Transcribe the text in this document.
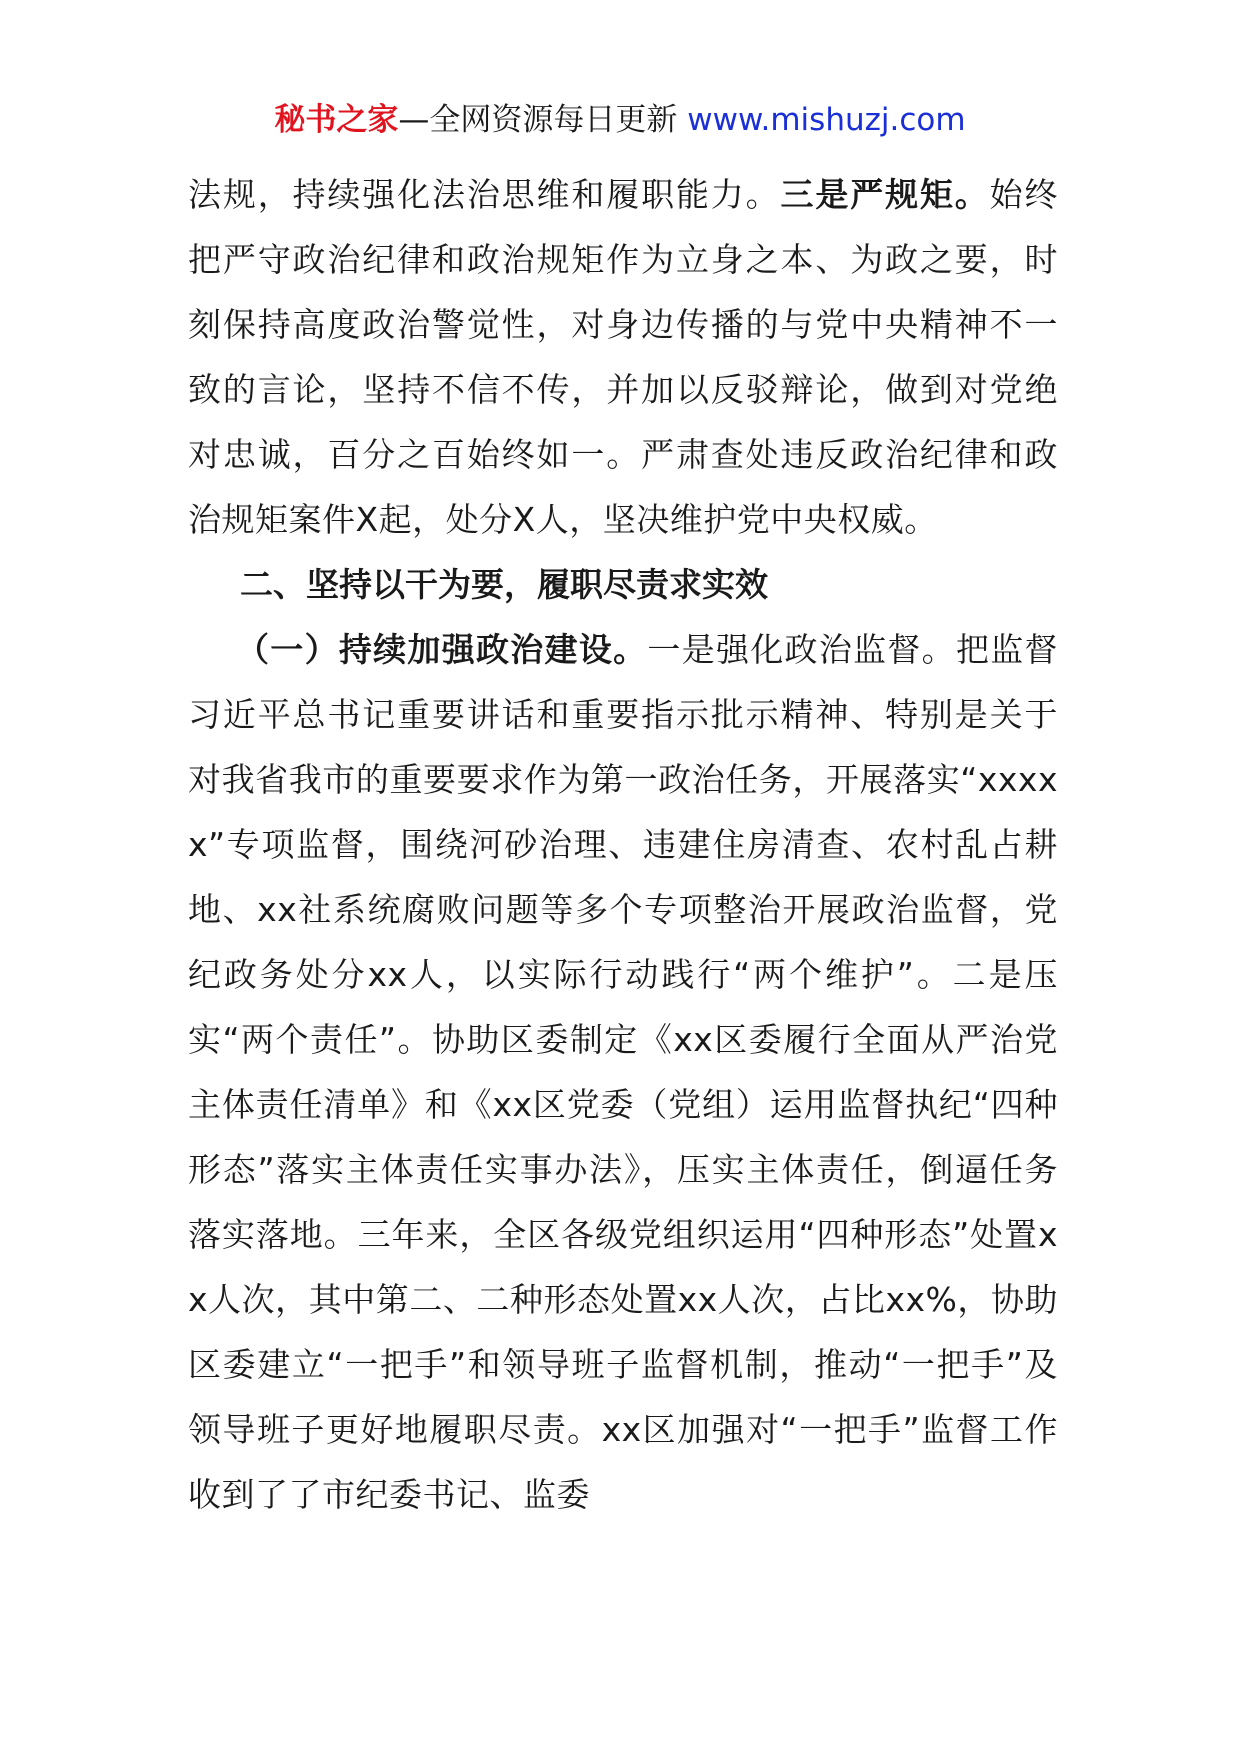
秘书之家—全网资源每日更新 www.mishuzj.com

法规，持续强化法治思维和履职能力。三是严规矩。始终把严守政治纪律和政治规矩作为立身之本、为政之要，时刻保持高度政治警觉性，对身边传播的与党中央精神不一致的言论，坚持不信不传，并加以反驳辩论，做到对党绝对忠诚，百分之百始终如一。严肃查处违反政治纪律和政治规矩案件X起，处分X人，坚决维护党中央权威。

二、坚持以干为要，履职尽责求实效

（一）持续加强政治建设。一是强化政治监督。把监督习近平总书记重要讲话和重要指示批示精神、特别是关于对我省我市的重要要求作为第一政治任务，开展落实“xxxxx”专项监督，围绕河砂治理、违建住房清查、农村乱占耕地、xx社系统腐败问题等多个专项整治开展政治监督，党纪政务处分xx人，以实际行动践行“两个维护”。二是压实“两个责任”。协助区委制定《xx区委履行全面从严治党主体责任清单》和《xx区党委（党组）运用监督执纪“四种形态”落实主体责任实事办法》，压实主体责任，倒逼任务落实落地。三年来，全区各级党组织运用“四种形态”处置xx人次，其中第二、二种形态处置xx人次，占比xx%，协助区委建立“一把手”和领导班子监督机制，推动“一把手”及领导班子更好地履职尽责。xx区加强对“一把手”监督工作收到了了市纪委书记、监委
